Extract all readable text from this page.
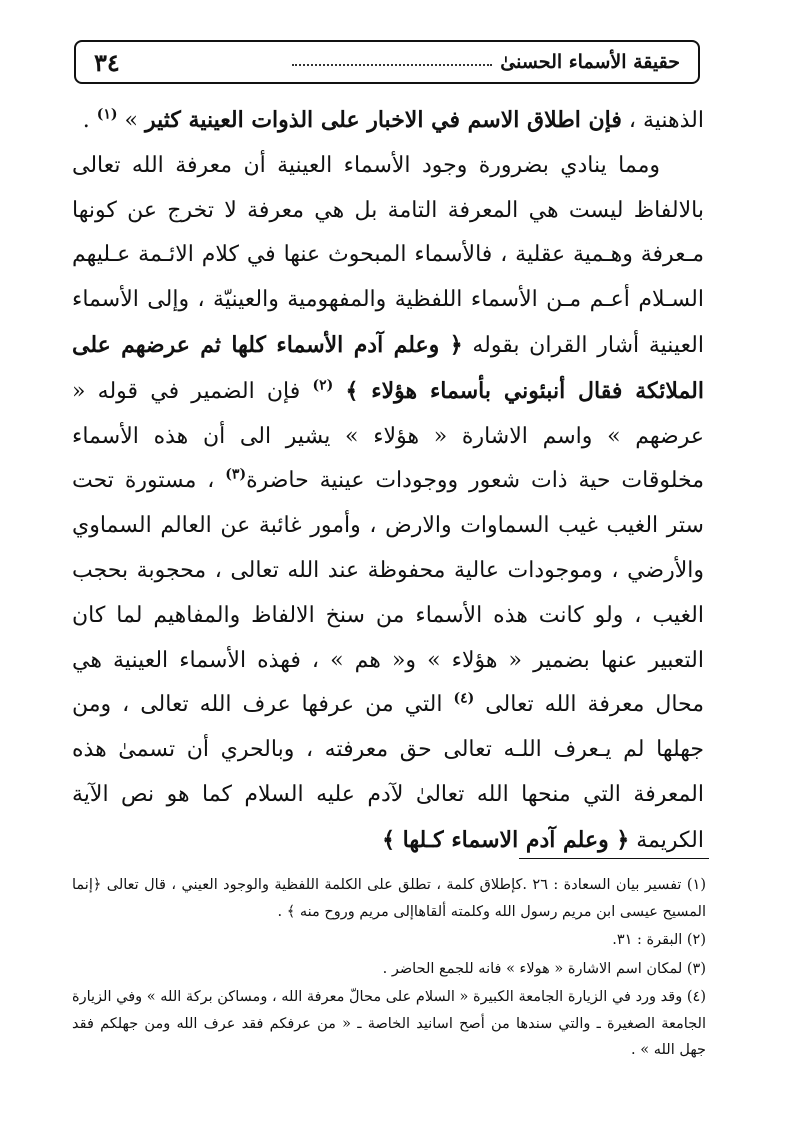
حقيقة الأسماء الحسنىٰ
٣٤

الذهنية ، فإن اطلاق الاسم في الاخبار على الذوات العينية كثير » $^{(١)}$ .

ومما ينادي بضرورة وجود الأسماء العينية أن معرفة الله تعالى بالالفاظ ليست هي المعرفة التامة بل هي معرفة لا تخرج عن كونها مـعرفة وهـمية عقلية ، فالأسماء المبحوث عنها في كلام الائـمة عـليهم السـلام أعـم مـن الأسماء اللفظية والمفهومية والعينيّة ، وإلى الأسماء العينية أشار القران بقوله ﴿ وعلم آدم الأسماء كلها ثم عرضهم على الملائكة فقال أنبئوني بأسماء هؤلاء ﴾ $^{(٢)}$ فإن الضمير في قوله « عرضهم » واسم الاشارة « هؤلاء » يشير الى أن هذه الأسماء مخلوقات حية ذات شعور ووجودات عينية حاضرة$^{(٣)}$ ، مستورة تحت ستر الغيب غيب السماوات والارض ، وأمور غائبة عن العالم السماوي والأرضي ، وموجودات عالية محفوظة عند الله تعالى ، محجوبة بحجب الغيب ، ولو كانت هذه الأسماء من سنخ الالفاظ والمفاهيم لما كان التعبير عنها بضمير « هؤلاء » و« هم » ، فهذه الأسماء العينية هي محال معرفة الله تعالى $^{(٤)}$ التي من عرفها عرف الله تعالى ، ومن جهلها لم يـعرف اللـه تعالى حق معرفته ، وبالحري أن تسمىٰ هذه المعرفة التي منحها الله تعالىٰ لآدم عليه السلام كما هو نص الآية الكريمة ﴿ وعلم آدم الاسماء كـلها ﴾

(١) تفسير بيان السعادة : ٢٦ .كإطلاق كلمة ، تطلق على الكلمة اللفظية والوجود العيني ، قال تعالى ﴿إنما المسيح عيسى ابن مريم رسول الله وكلمته ألقاهاإلى مريم وروح منه ﴾ .

(٢) البقرة : ٣١.

(٣) لمكان اسم الاشارة « هولاء » فانه للجمع الحاضر .

(٤) وقد ورد في الزيارة الجامعة الكبيرة « السلام على محالّ معرفة الله ، ومساكن بركة الله » وفي الزيارة الجامعة الصغيرة ـ والتي سندها من أصح اسانيد الخاصة ـ « من عرفكم فقد عرف الله ومن جهلكم فقد جهل الله » .
